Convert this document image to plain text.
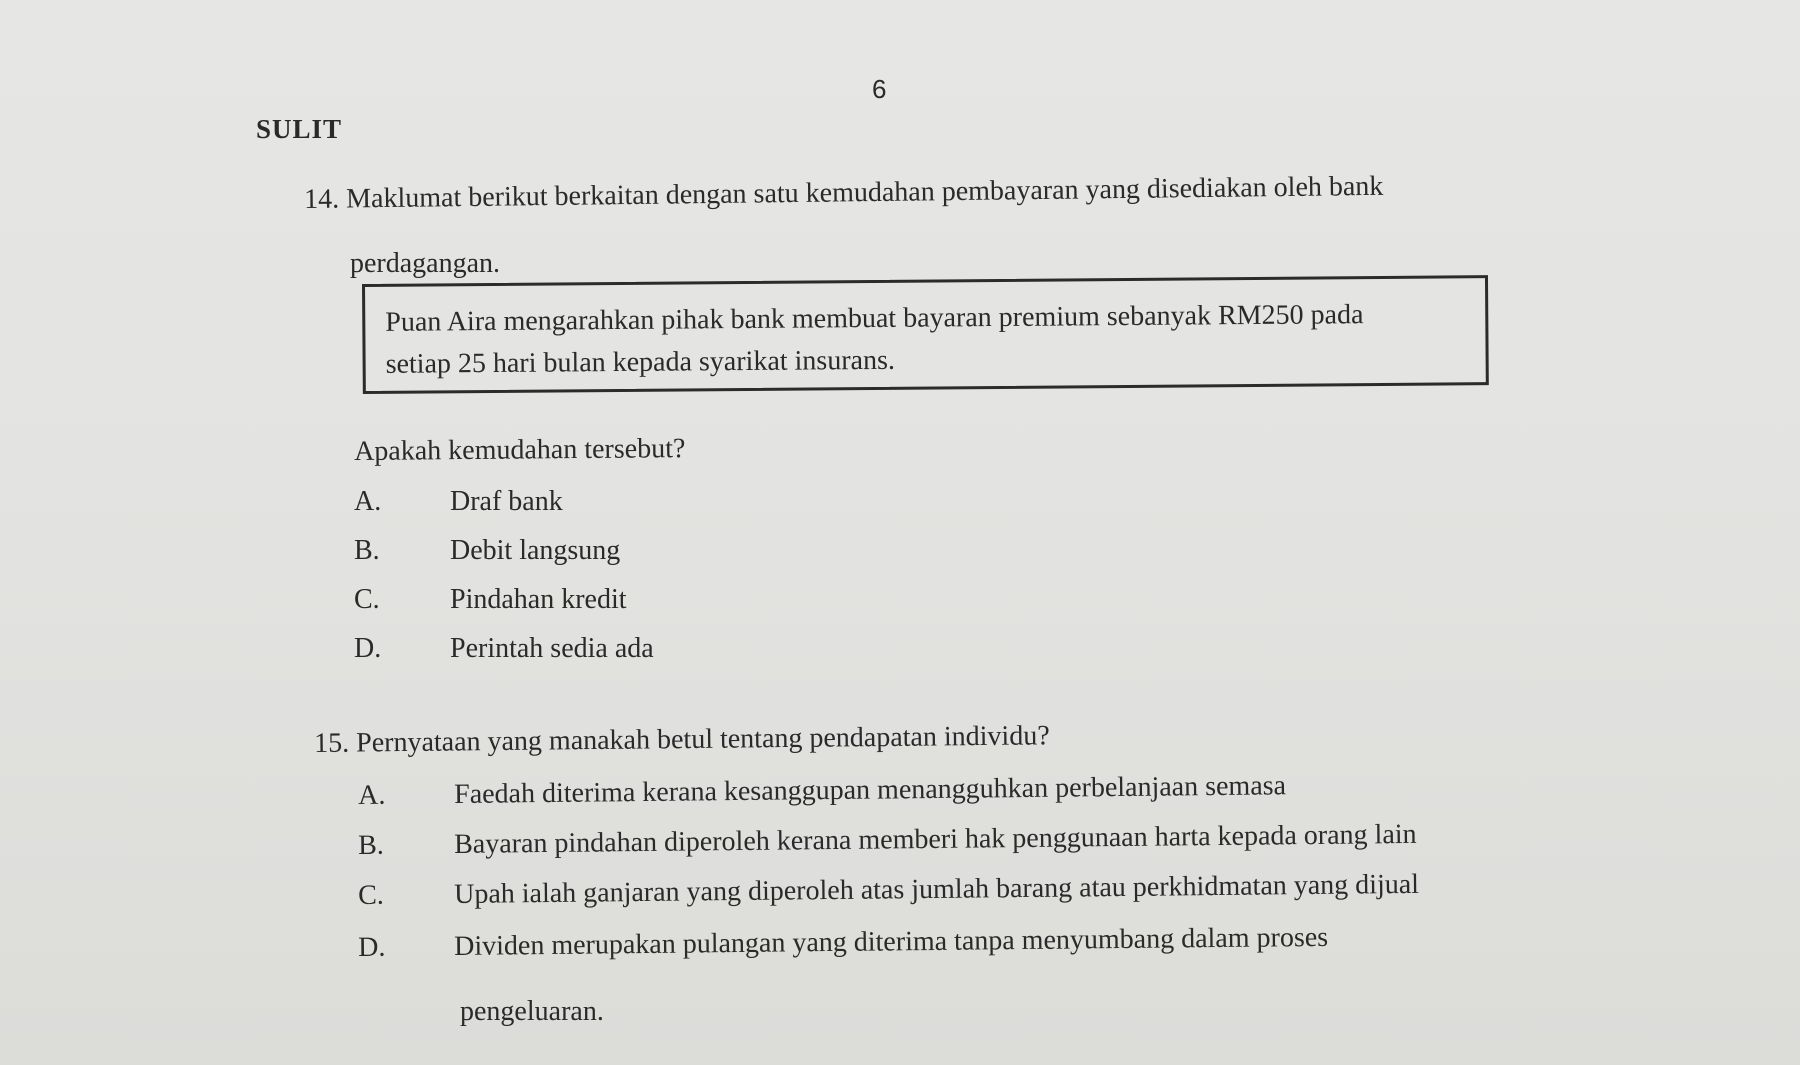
6
SULIT
14. Maklumat berikut berkaitan dengan satu kemudahan pembayaran yang disediakan oleh bank
perdagangan.
Puan Aira mengarahkan pihak bank membuat bayaran premium sebanyak RM250 pada
setiap 25 hari bulan kepada syarikat insurans.
Apakah kemudahan tersebut?
A. Draf bank
B.	Debit langsung
C.	Pindahan kredit
D. Perintah sedia ada
15. Pernyataan yang manakah betul tentang pendapatan individu?
A. Faedah diterima kerana kesanggupan menangguhkan perbelanjaan semasa
B. Bayaran pindahan diperoleh kerana memberi hak penggunaan harta kepada orang lain
C. Upah ialah ganjaran yang diperoleh atas jumlah barang atau perkhidmatan yang dijual
D. Dividen merupakan pulangan yang diterima tanpa menyumbang dalam proses
pengeluaran.
